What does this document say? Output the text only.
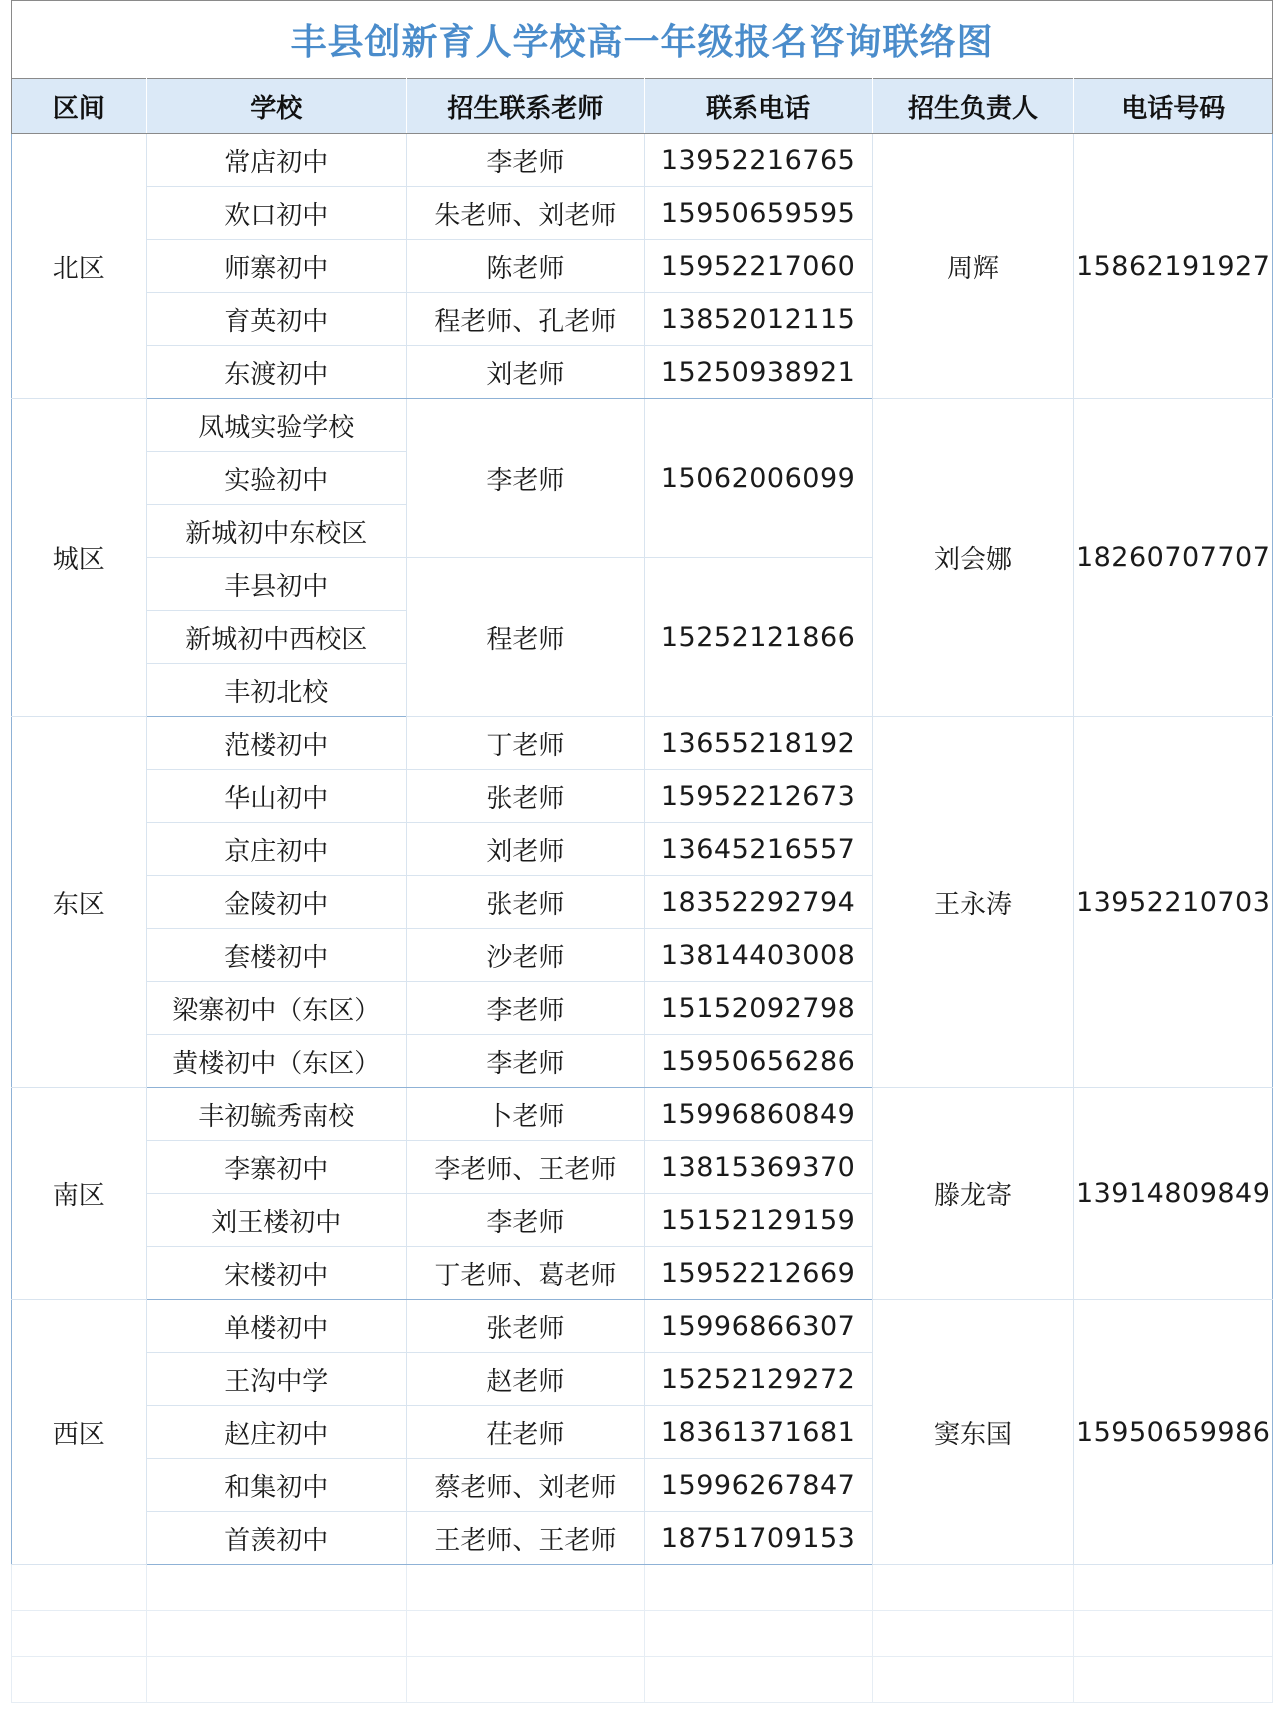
丰县创新育人学校高一年级报名咨询联络图
区间	学校	招生联系老师	联系电话	招生负责人	电话号码
北区	常店初中	李老师	13952216765	周辉	15862191927
	欢口初中	朱老师、刘老师	15950659595		
	师寨初中	陈老师	15952217060		
	育英初中	程老师、孔老师	13852012115		
	东渡初中	刘老师	15250938921		
城区	凤城实验学校	李老师	15062006099	刘会娜	18260707707
	实验初中				
	新城初中东校区				
	丰县初中	程老师	15252121866		
	新城初中西校区				
	丰初北校				
东区	范楼初中	丁老师	13655218192	王永涛	13952210703
	华山初中	张老师	15952212673		
	京庄初中	刘老师	13645216557		
	金陵初中	张老师	18352292794		
	套楼初中	沙老师	13814403008		
	梁寨初中（东区）	李老师	15152092798		
	黄楼初中（东区）	李老师	15950656286		
南区	丰初毓秀南校	卜老师	15996860849	滕龙寄	13914809849
	李寨初中	李老师、王老师	13815369370		
	刘王楼初中	李老师	15152129159		
	宋楼初中	丁老师、葛老师	15952212669		
西区	单楼初中	张老师	15996866307	窦东国	15950659986
	王沟中学	赵老师	15252129272		
	赵庄初中	茌老师	18361371681		
	和集初中	蔡老师、刘老师	15996267847		
	首羡初中	王老师、王老师	18751709153		
